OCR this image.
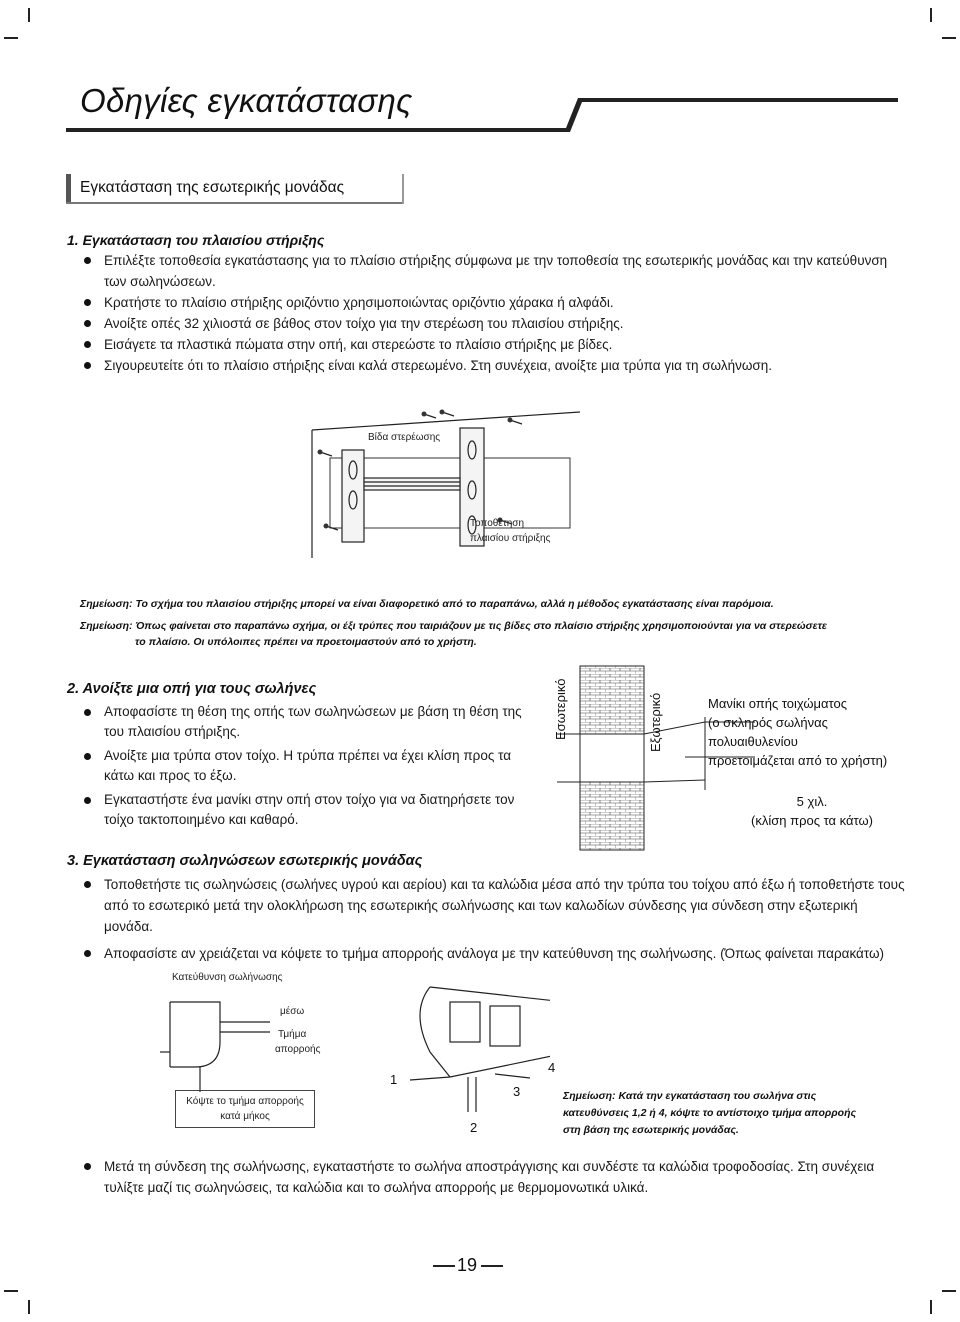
Οδηγίες εγκατάστασης
Εγκατάσταση της εσωτερικής μονάδας
1. Εγκατάσταση του πλαισίου στήριξης
Επιλέξτε τοποθεσία εγκατάστασης για το πλαίσιο στήριξης σύμφωνα με την τοποθεσία της εσωτερικής μονάδας και την κατεύθυνση των σωληνώσεων.
Κρατήστε το πλαίσιο στήριξης οριζόντιο χρησιμοποιώντας οριζόντιο χάρακα ή αλφάδι.
Ανοίξτε οπές 32 χιλιοστά σε βάθος στον τοίχο για την στερέωση του πλαισίου στήριξης.
Εισάγετε τα πλαστικά πώματα στην οπή, και στερεώστε το πλαίσιο στήριξης με βίδες.
Σιγουρευτείτε ότι το πλαίσιο στήριξης είναι καλά στερεωμένο. Στη συνέχεια, ανοίξτε μια τρύπα για τη σωλήνωση.
Βίδα στερέωσης
Τοποθέτηση
πλαισίου στήριξης
Σημείωση: Το σχήμα του πλαισίου στήριξης μπορεί να είναι διαφορετικό από το παραπάνω, αλλά η μέθοδος εγκατάστασης είναι παρόμοια.
Σημείωση: Όπως φαίνεται στο παραπάνω σχήμα, οι έξι τρύπες που ταιριάζουν με τις βίδες στο πλαίσιο στήριξης χρησιμοποιούνται για να στερεώσετε
το πλαίσιο. Οι υπόλοιπες πρέπει να προετοιμαστούν από το χρήστη.
2. Ανοίξτε μια οπή για τους σωλήνες
Αποφασίστε τη θέση της οπής των σωληνώσεων με βάση τη θέση της του πλαισίου στήριξης.
Ανοίξτε μια τρύπα στον τοίχο. Η τρύπα πρέπει να έχει κλίση προς τα κάτω και προς το έξω.
Εγκαταστήστε ένα μανίκι στην οπή στον τοίχο για να διατηρήσετε τον τοίχο τακτοποιημένο και καθαρό.
Εσωτερικό	Εξωτερικό	Μανίκι οπής τοιχώματος
(ο σκληρός σωλήνας
πολυαιθυλενίου
προετοιμάζεται από το χρήστη)
5 χιλ.
(κλίση προς τα κάτω)
3. Εγκατάσταση σωληνώσεων εσωτερικής μονάδας
Τοποθετήστε τις σωληνώσεις (σωλήνες υγρού και αερίου) και τα καλώδια μέσα από την τρύπα του τοίχου από έξω ή τοποθετήστε τους από το εσωτερικό μετά την ολοκλήρωση της εσωτερικής σωλήνωσης και των καλωδίων σύνδεσης για σύνδεση στην εξωτερική μονάδα.
Αποφασίστε αν χρειάζεται να κόψετε το τμήμα απορροής ανάλογα με την κατεύθυνση της σωλήνωσης. (Όπως φαίνεται παρακάτω)
Κατεύθυνση σωλήνωσης
μέσω
Τμήμα
απορροής
Κόψτε το τμήμα απορροής
κατά μήκος
1
2
3
4
Σημείωση: Κατά την εγκατάσταση του σωλήνα στις
κατευθύνσεις 1,2 ή 4, κόψτε το αντίστοιχο τμήμα απορροής
στη βάση της εσωτερικής μονάδας.
Μετά τη σύνδεση της σωλήνωσης, εγκαταστήστε το σωλήνα αποστράγγισης και συνδέστε τα καλώδια τροφοδοσίας. Στη συνέχεια τυλίξτε μαζί τις σωληνώσεις, τα καλώδια και το σωλήνα απορροής με θερμομονωτικά υλικά.
19
